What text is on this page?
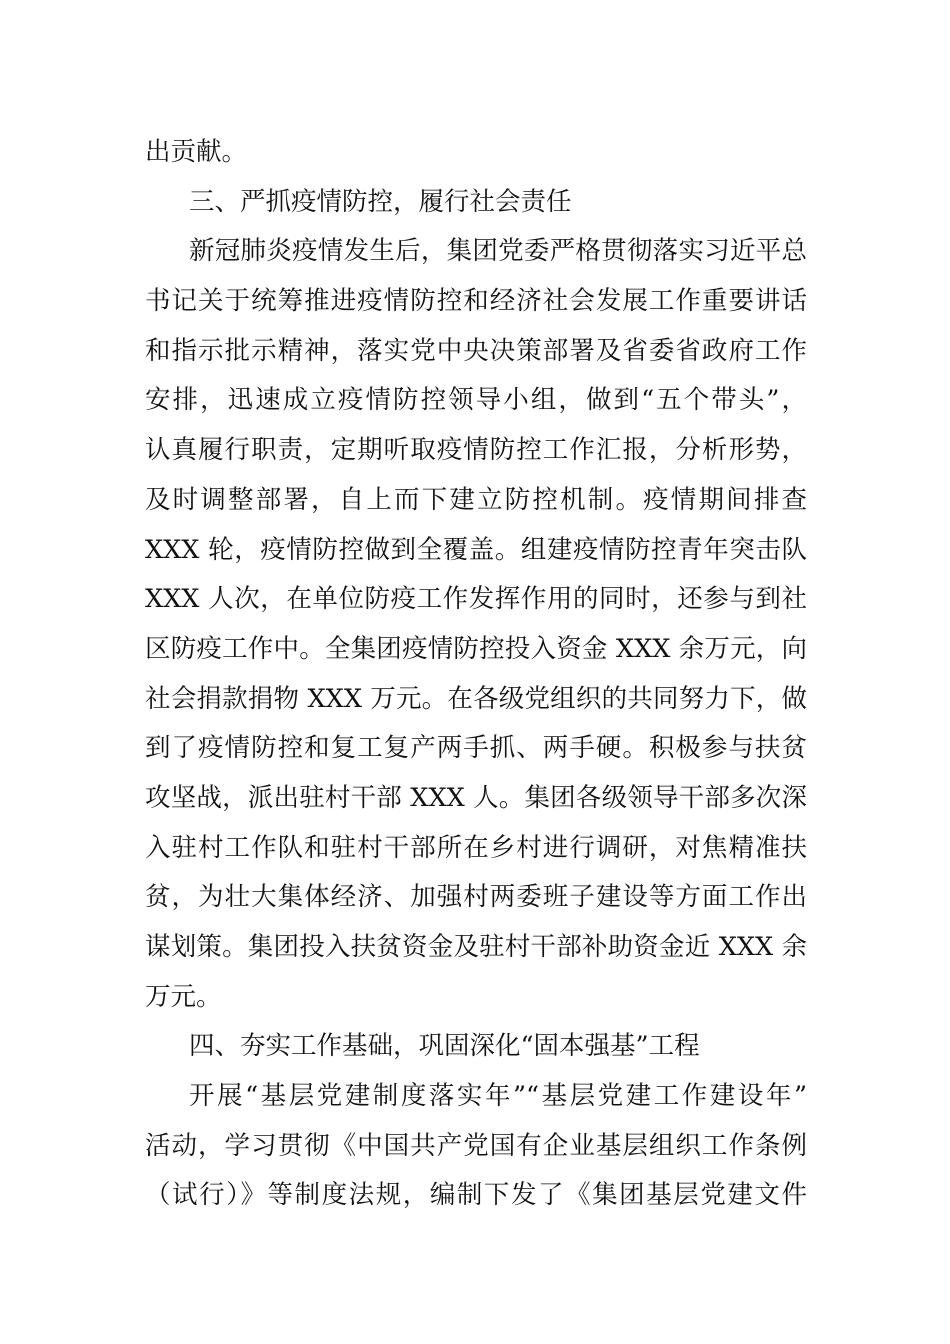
出贡献。
三、严抓疫情防控，履行社会责任
新冠肺炎疫情发生后，集团党委严格贯彻落实习近平总
书记关于统筹推进疫情防控和经济社会发展工作重要讲话
和指示批示精神，落实党中央决策部署及省委省政府工作
安排，迅速成立疫情防控领导小组，做到“五个带头”，
认真履行职责，定期听取疫情防控工作汇报，分析形势，
及时调整部署，自上而下建立防控机制。疫情期间排查
XXX 轮，疫情防控做到全覆盖。组建疫情防控青年突击队
XXX 人次，在单位防疫工作发挥作用的同时，还参与到社
区防疫工作中。全集团疫情防控投入资金 XXX 余万元，向
社会捐款捐物 XXX 万元。在各级党组织的共同努力下，做
到了疫情防控和复工复产两手抓、两手硬。积极参与扶贫
攻坚战，派出驻村干部 XXX 人。集团各级领导干部多次深
入驻村工作队和驻村干部所在乡村进行调研，对焦精准扶
贫，为壮大集体经济、加强村两委班子建设等方面工作出
谋划策。集团投入扶贫资金及驻村干部补助资金近 XXX 余
万元。
四、夯实工作基础，巩固深化“固本强基”工程
开展“基层党建制度落实年”“基层党建工作建设年”
活动，学习贯彻《中国共产党国有企业基层组织工作条例
（试行）》等制度法规，编制下发了《集团基层党建文件
